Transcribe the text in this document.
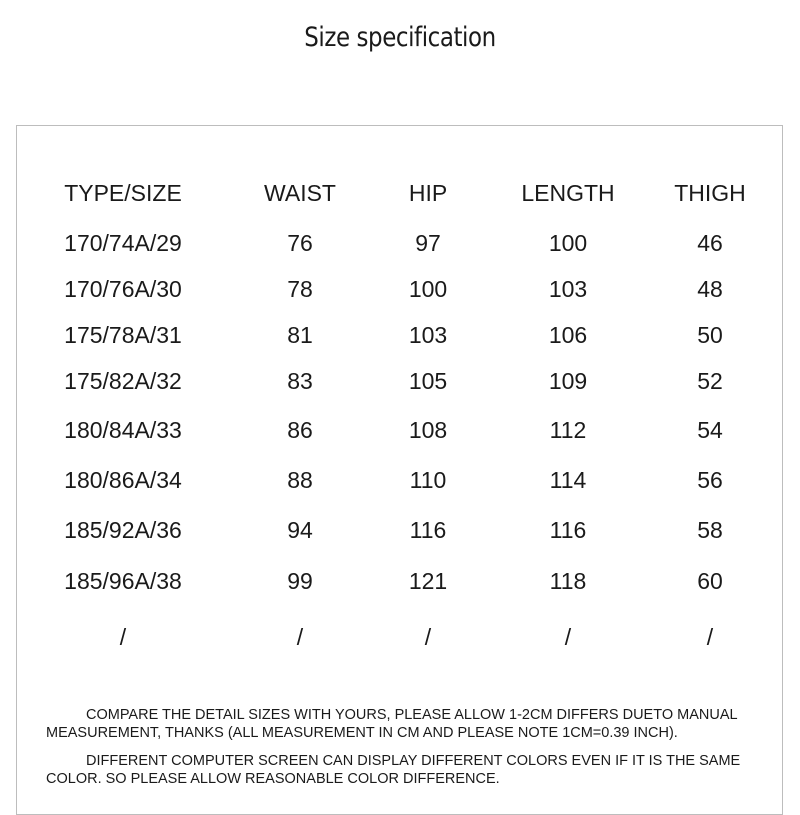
Size specification
TYPE/SIZE	WAIST	HIP	LENGTH	THIGH
170/74A/29	76	97	100	46
170/76A/30	78	100	103	48
175/78A/31	81	103	106	50
175/82A/32	83	105	109	52
180/84A/33	86	108	112	54
180/86A/34	88	110	114	56
185/92A/36	94	116	116	58
185/96A/38	99	121	118	60
/	/	/	/	/
COMPARE THE DETAIL SIZES WITH YOURS, PLEASE ALLOW 1-2CM DIFFERS DUETO MANUAL MEASUREMENT, THANKS (ALL MEASUREMENT IN CM AND PLEASE NOTE 1CM=0.39 INCH).
DIFFERENT COMPUTER SCREEN CAN DISPLAY DIFFERENT COLORS EVEN IF IT IS THE SAME COLOR. SO PLEASE ALLOW REASONABLE COLOR DIFFERENCE.
